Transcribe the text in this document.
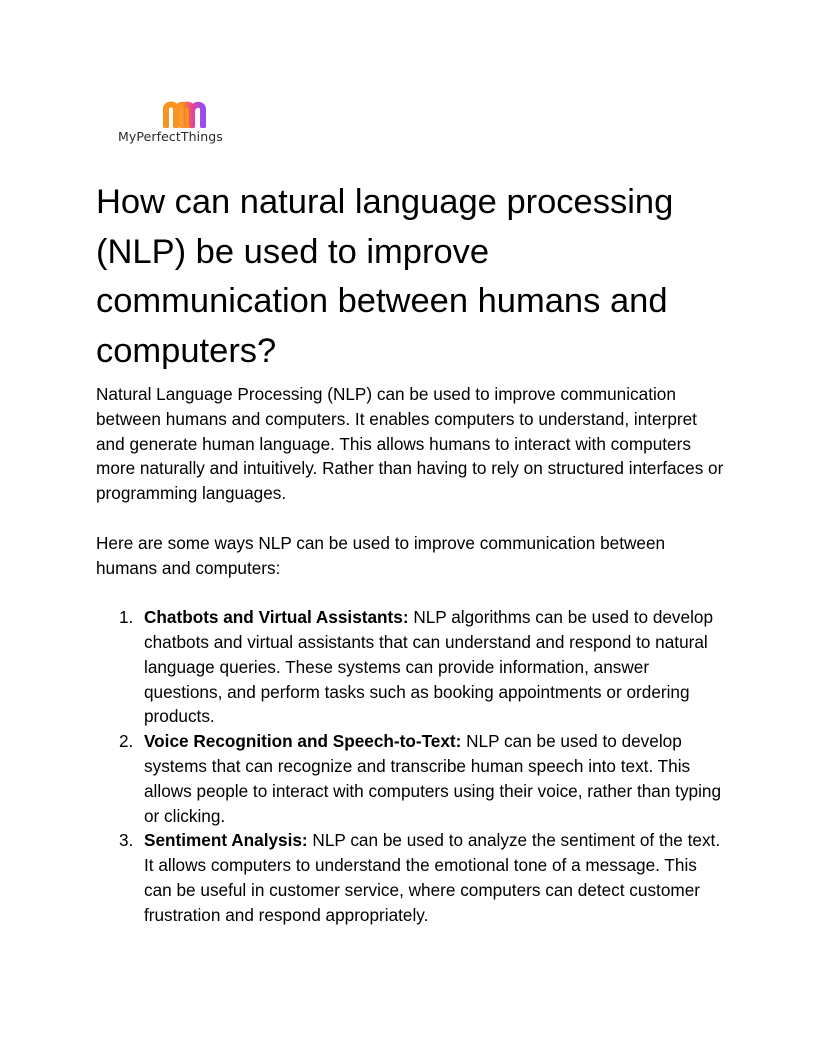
MyPerfectThings
How can natural language processing (NLP) be used to improve communication between humans and computers?

Natural Language Processing (NLP) can be used to improve communication between humans and computers. It enables computers to understand, interpret and generate human language. This allows humans to interact with computers more naturally and intuitively. Rather than having to rely on structured interfaces or programming languages.

Here are some ways NLP can be used to improve communication between humans and computers:

1. Chatbots and Virtual Assistants: NLP algorithms can be used to develop chatbots and virtual assistants that can understand and respond to natural language queries. These systems can provide information, answer questions, and perform tasks such as booking appointments or ordering products.
2. Voice Recognition and Speech-to-Text: NLP can be used to develop systems that can recognize and transcribe human speech into text. This allows people to interact with computers using their voice, rather than typing or clicking.
3. Sentiment Analysis: NLP can be used to analyze the sentiment of the text. It allows computers to understand the emotional tone of a message. This can be useful in customer service, where computers can detect customer frustration and respond appropriately.
